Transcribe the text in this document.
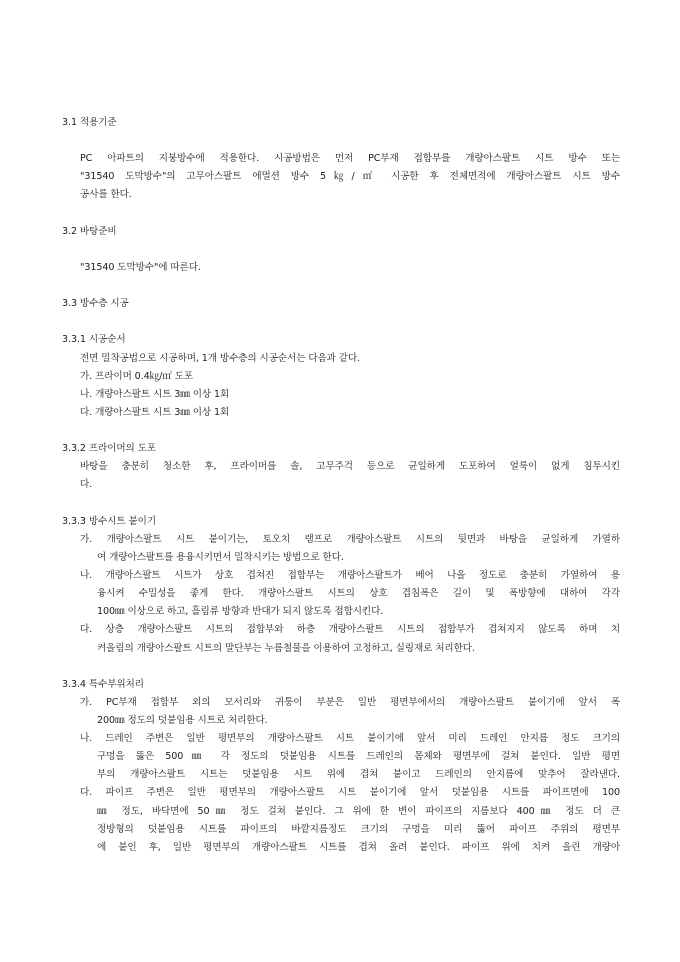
3.1 적용기준
PC 아파트의 지붕방수에 적용한다. 시공방법은 먼저 PC부재 접합부를 개량아스팔트 시트 방수 또는
"31540 도막방수"의 고무아스팔트 에멀션 방수 5㎏/㎡ 시공한 후 전체면적에 개량아스팔트 시트 방수
공사를 한다.
3.2 바탕준비
"31540 도막방수"에 따른다.
3.3 방수층 시공
3.3.1 시공순서
전면 밀착공법으로 시공하며, 1개 방수층의 시공순서는 다음과 같다.
가. 프라이머 0.4㎏/㎡ 도포
나. 개량아스팔트 시트 3㎜ 이상 1회
다. 개량아스팔트 시트 3㎜ 이상 1회
3.3.2 프라이머의 도포
바탕을 충분히 청소한 후, 프라이머를 솔, 고무주걱 등으로 균일하게 도포하여 얼룩이 없게 침투시킨
다.
3.3.3 방수시트 붙이기
가. 개량아스팔트 시트 붙이기는, 토오치 램프로 개량아스팔트 시트의 뒷면과 바탕을 균일하게 가열하
여 개량아스팔트를 용융시키면서 밀착시키는 방법으로 한다.
나. 개량아스팔트 시트가 상호 겹쳐진 접합부는 개량아스팔트가 베어 나올 정도로 충분히 가열하여 용
융시켜 수밀성을 좋게 한다. 개량아스팔트 시트의 상호 겹침폭은 길이 및 폭방향에 대하여 각각
100㎜ 이상으로 하고, 흘림류 방향과 반대가 되지 않도록 접합시킨다.
다. 상층 개량아스팔트 시트의 접합부와 하층 개량아스팔트 시트의 접합부가 겹쳐지지 않도록 하며 치
켜올림의 개량아스팔트 시트의 말단부는 누름철물을 이용하여 고정하고, 실링재로 처리한다.
3.3.4 특수부위처리
가. PC부재 접합부 외의 모서리와 귀퉁이 부분은 일반 평면부에서의 개량아스팔트 붙이기에 앞서 폭
200㎜ 정도의 덧붙임용 시트로 처리한다.
나. 드레인 주변은 일반 평면부의 개량아스팔트 시트 붙이기에 앞서 미리 드레인 안지름 정도 크기의
구멍을 뚫은 500㎜ 각 정도의 덧붙임용 시트를 드레인의 몸체와 평면부에 걸쳐 붙인다. 일반 평면
부의 개량아스팔트 시트는 덧붙임용 시트 위에 겹쳐 붙이고 드레인의 안지름에 맞추어 잘라낸다.
다. 파이프 주변은 일반 평면부의 개량아스팔트 시트 붙이기에 앞서 덧붙임용 시트를 파이프면에 100
㎜ 정도, 바닥면에 50㎜ 정도 걸쳐 붙인다. 그 위에 한 변이 파이프의 지름보다 400㎜ 정도 더 큰
정방형의 덧붙임용 시트를 파이프의 바깥지름정도 크기의 구멍을 미리 뚫어 파이프 주위의 평면부
에 붙인 후, 일반 평면부의 개량아스팔트 시트를 겹쳐 올려 붙인다. 파이프 위에 치켜 올린 개량아
